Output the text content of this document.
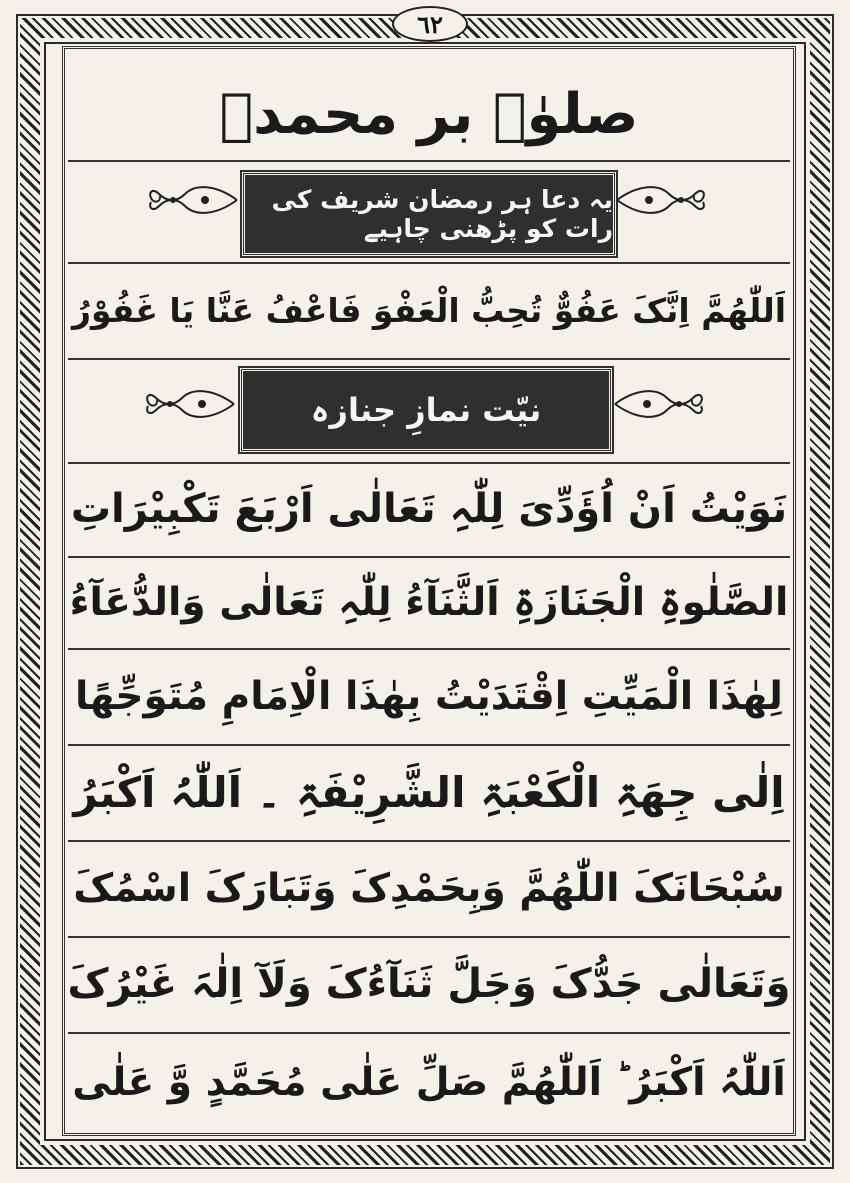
٦٢
صلوٰۃ بر محمدؐ
یہ دعا ہر رمضان شریف کی رات کو پڑھنی چاہیے
اَللّٰھُمَّ اِنَّکَ عَفُوٌّ تُحِبُّ الْعَفْوَ فَاعْفُ عَنَّا یَا غَفُوْرُ
نیّت نمازِ جنازہ
نَوَیْتُ اَنْ اُؤَدِّیَ لِلّٰہِ تَعَالٰی اَرْبَعَ تَکْبِیْرَاتِ
الصَّلٰوۃِ الْجَنَازَۃِ اَلثَّنَآءُ لِلّٰہِ تَعَالٰی وَالدُّعَآءُ
لِھٰذَا الْمَیِّتِ اِقْتَدَیْتُ بِھٰذَا الْاِمَامِ مُتَوَجِّھًا
اِلٰی جِھَۃِ الْکَعْبَۃِ الشَّرِیْفَۃِ ۔ اَللّٰہُ اَکْبَرُ
سُبْحَانَکَ اللّٰھُمَّ وَبِحَمْدِکَ وَتَبَارَکَ اسْمُکَ
وَتَعَالٰی جَدُّکَ وَجَلَّ ثَنَآءُکَ وَلَآ اِلٰہَ غَیْرُکَ
اَللّٰہُ اَکْبَرُ ؕ اَللّٰھُمَّ صَلِّ عَلٰی مُحَمَّدٍ وَّ عَلٰی
